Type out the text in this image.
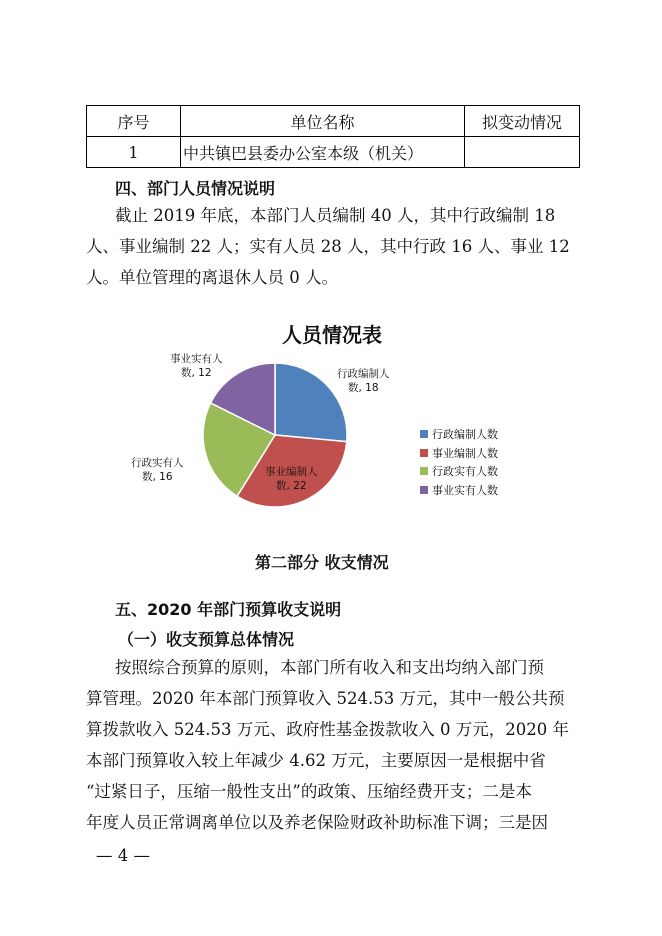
序号	单位名称	拟变动情况
1	中共镇巴县委办公室本级（机关）	
四、部门人员情况说明
截止 2019 年底，本部门人员编制 40 人，其中行政编制 18
人、事业编制 22 人；实有人员 28 人，其中行政 16 人、事业 12
人。单位管理的离退休人员 0 人。
人员情况表
行政编制人
数, 18
事业编制人
数, 22
行政实有人
数, 16
事业实有人
数, 12
行政编制人数
事业编制人数
行政实有人数
事业实有人数
第二部分 收支情况
五、2020 年部门预算收支说明
（一）收支预算总体情况
按照综合预算的原则，本部门所有收入和支出均纳入部门预
算管理。2020 年本部门预算收入 524.53 万元，其中一般公共预
算拨款收入 524.53 万元、政府性基金拨款收入 0 万元，2020 年
本部门预算收入较上年减少 4.62 万元，主要原因一是根据中省
“过紧日子，压缩一般性支出”的政策、压缩经费开支；二是本
年度人员正常调离单位以及养老保险财政补助标准下调；三是因
— 4 —
